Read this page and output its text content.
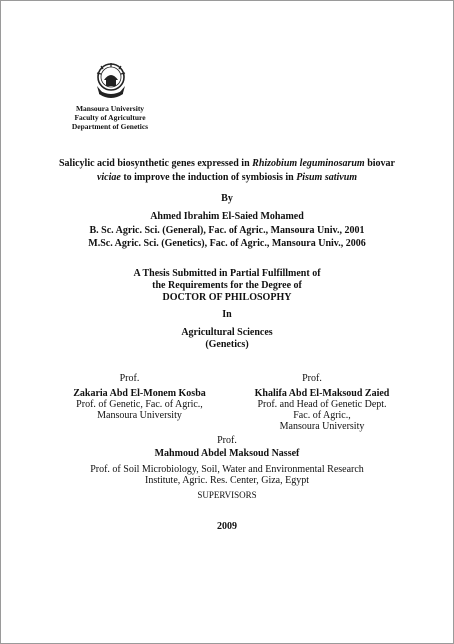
Mansoura University
Faculty of Agriculture
Department of Genetics
Salicylic acid biosynthetic genes expressed in Rhizobium leguminosarum biovar
viciae to improve the induction of symbiosis in Pisum sativum
By
Ahmed Ibrahim El-Saied Mohamed
B. Sc. Agric. Sci. (General), Fac. of Agric., Mansoura Univ., 2001
M.Sc. Agric. Sci. (Genetics), Fac. of Agric., Mansoura Univ., 2006
A Thesis Submitted in Partial Fulfillment of
the Requirements for the Degree of
DOCTOR OF PHILOSOPHY
In
Agricultural Sciences
(Genetics)
Prof.
Zakaria Abd El-Monem Kosba
Prof. of Genetic, Fac. of Agric.,
Mansoura University
Prof.
Khalifa Abd El-Maksoud Zaied
Prof. and Head of Genetic Dept.
Fac. of Agric.,
Mansoura University
Prof.
Mahmoud Abdel Maksoud Nassef
Prof. of Soil Microbiology, Soil, Water and Environmental Research
Institute, Agric. Res. Center, Giza, Egypt
SUPERVISORS
2009
